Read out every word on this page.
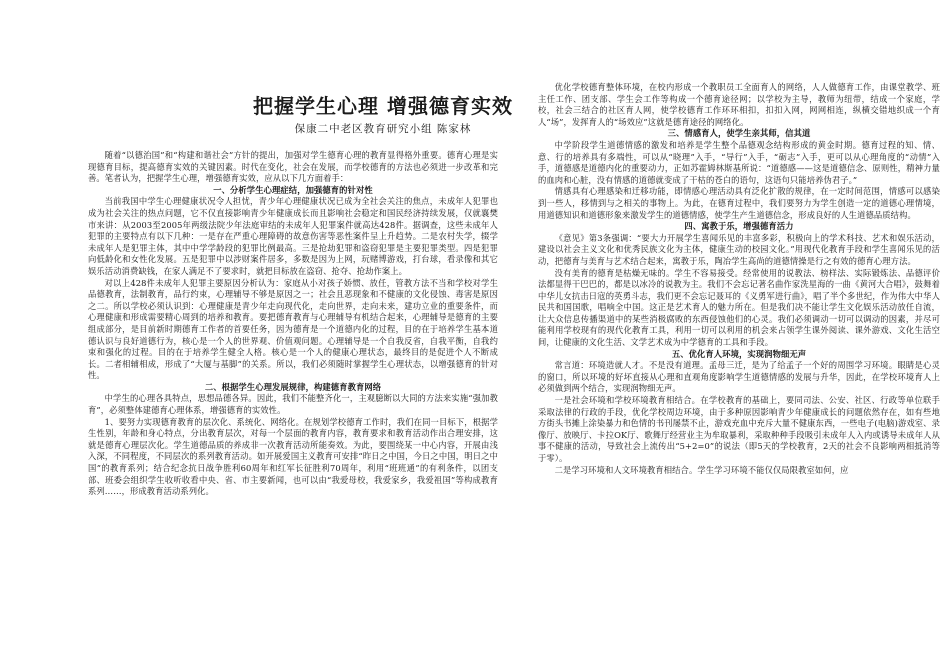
把握学生心理 增强德育实效
保康二中老区教育研究小组 陈家林

随着“以德治国”和“构建和谐社会”方针的提出，加强对学生德育心理的教育显得格外重要。德育心理是实现德育目标，提高德育实效的关键因素。时代在变化，社会在发展，而学校德育的方法也必须进一步改革和完善。笔者认为，把握学生心理，增强德育实效，应从以下几方面着手：

一、分析学生心理症结，加强德育的针对性

当前我国中学生心理健康状况令人担忧，青少年心理健康状况已成为全社会关注的焦点，未成年人犯罪也成为社会关注的热点问题，它不仅直接影响青少年健康成长而且影响社会稳定和国民经济持续发展，仅就襄樊市来讲：从2003至2005年两级法院少年法庭审结的未成年人犯罪案件就高达428件。据调查，这些未成年人犯罪的主要特点有以下几种：一是存在严重心理障碍的故意伤害等恶性案件呈上升趋势。二是农村失学，辍学未成年人是犯罪主体，其中中学学龄段的犯罪比例最高。三是抢劫犯罪和盗窃犯罪是主要犯罪类型。四是犯罪向低龄化和女性化发展。五是犯罪中以涉财案件居多，多数是因为上网，玩赌博游戏，打台球，看录像和其它娱乐活动消费缺钱，在家人满足不了要求时，就把目标放在盗窃、抢夺、抢劫作案上。

对以上428件未成年人犯罪主要原因分析认为：家庭从小对孩子娇惯、放任，管教方法不当和学校对学生品德教育，法制教育，品行约束，心理辅导不够是原因之一；社会且恶现象和不健康的文化侵蚀、毒害是原因之二。所以学校必须认识到：心理健康是青少年走向现代化，走向世界，走向未来，建功立业的重要条件，而心理健康和形成需要精心周到的培养和教育。要把德育教育与心理辅导有机结合起来，心理辅导是德育的主要组成部分，是目前新时期德育工作者的首要任务，因为德育是一个道德内化的过程，目的在于培养学生基本道德认识与良好道德行为，核心是一个人的世界观、价值观问题。心理辅导是一个自我反省，自我平衡，自我约束和强化的过程。目的在于培养学生健全人格。核心是一个人的健康心理状态，最终目的是促进个人不断成长。二者相辅相成，形成了“大厦与基脚”的关系。所以，我们必须随时掌握学生心理状态，以增强德育的针对性。

二、根据学生心理发展规律，构建德育教育网络

中学生的心理各具特点，思想品德各异。因此，我们不能整齐化一，主观臆断以大同的方法来实施“强加教育”，必须整体建德育心理体系，增强德育的实效性。

1、要努力实现德育教育的层次化、系统化、网络化。在规划学校德育工作时，我们在同一目标下，根据学生性别，年龄和身心特点，分出教育层次，对每一个层面的教育内容，教育要求和教育活动作出合理安排，这就是德育心理层次化。学生道德品质的养成非一次教育活动所能奏效。为此，要围绕某一中心内容，开展由浅入深，不同程度，不同层次的系列教育活动。如开展爱国主义教育可安排“昨日之中国，今日之中国，明日之中国”的教育系列；结合纪念抗日战争胜利60周年和红军长征胜利70周年，利用“班班通”的有利条件，以团支部、班委会组织学生收听收看中央、省、市主要新闻，也可以由“我爱母校，我爱家乡，我爱祖国”等构成教育系列……，形成教育活动系列化。

优化学校德育整体环境，在校内形成一个教职员工全面育人的网络，人人做德育工作，由课堂教学、班主任工作、团支部、学生会工作等构成一个德育途径网；以学校为主导，教师为纽带，结成一个家庭，学校，社会三结合的社区育人网，使学校德育工作环环相扣，扣扣入网，网网相连，纵横交错地织成一个育人“场”，发挥育人的“场效应”这就是德育途径的网络化。

三、情感育人，使学生亲其师，信其道

中学阶段学生道德情感的激发和培养是学生整个品德观念结构形成的黄金时期。德育过程的知、情、意、行的培养具有多端性，可以从“晓理”入手，“导行”入手，“砺志”入手，更可以从心理角度的“动情”入手，道德感是道德内化的重要动力，正如苏霍姆林斯基所说：“道德感——这是道德信念、原则性，精神力量的血肉和心脏，没有情感的道德就变成了干枯的苍白的语句，这语句只能培养伪君子。”

情感具有心理感染和迁移功能，即情感心理活动具有泛化扩散的规律，在一定时间范围，情感可以感染到一些人，移情到与之相关的事物上。为此，在德育过程中，我们要努力为学生创造一定的道德心理情境，用道德知识和道德形象来激发学生的道德情感，使学生产生道德信念，形成良好的人生道德品质结构。

四、寓教于乐，增强德育活力

《意见》第3条强调：“要大力开展学生喜闻乐见的丰富多彩，积极向上的学术科技、艺术和娱乐活动，建设以社会主义文化和优秀民族文化为主体，健康生动的校园文化。”用现代化教育手段和学生喜闻乐见的活动，把德育与美育与艺术结合起来，寓教于乐，陶冶学生高尚的道德情操是行之有效的德育心理方法。

没有美育的德育是枯燥无味的。学生不容易接受。经常使用的说教法、榜样法、实际锻炼法、品德评价法都显得干巴巴的，都是以冰冷的说教为主。我们不会忘记著名曲作家洗星海的一曲《黄河大合唱》，鼓舞着中华儿女抗击日寇的英勇斗志，我们更不会忘记聂耳的《义勇军进行曲》，唱了半个多世纪，作为伟大中华人民共和国国歌，唱响全中国。这正是艺术育人的魅力所在。但是我们决不能让学生文化娱乐活动放任自流，让大众信息传播渠道中的某些消极腐败的东西侵蚀他们的心灵。我们必须调动一切可以调动的因素，并尽可能利用学校现有的现代化教育工具，利用一切可以利用的机会来占领学生课外阅读、课外游戏、文化生活空间，让健康的文化生活、文学艺术成为中学德育的工具和手段。

五、优化育人环境，实现润物细无声

常言道：环境造就人才。不是没有道理。孟母三迁，是为了给孟子一个好的周围学习环境。眼睛是心灵的窗口，所以环境的好坏直接从心理和直观角度影响学生道德情感的发展与升华，因此，在学校环境育人上必须做到两个结合，实现润物细无声。

一是社会环境和学校环境教育相结合。在学校教育的基础上，要同司法、公安、社区、行政等单位联手采取法律的行政的手段，优化学校周边环境，由于多种原因影响青少年健康成长的问题依然存在，如有些地方街头书摊上涂染暴力和色情的书刊屡禁不止，游戏充血中充斥大量不健康东西，一些电子(电脑)游戏室、录像厅、放映厅、卡拉OK厅、歌舞厅经营业主为牟取暴利，采取种种手段吸引未成年人入内或诱导未成年人从事不健康的活动，导致社会上流传出“5+2=0”的说法（即5天的学校教育，2天的社会不良影响两相抵消等于零）。

二是学习环境和人文环境教育相结合。学生学习环境不能仅仅局限教室如何，应
